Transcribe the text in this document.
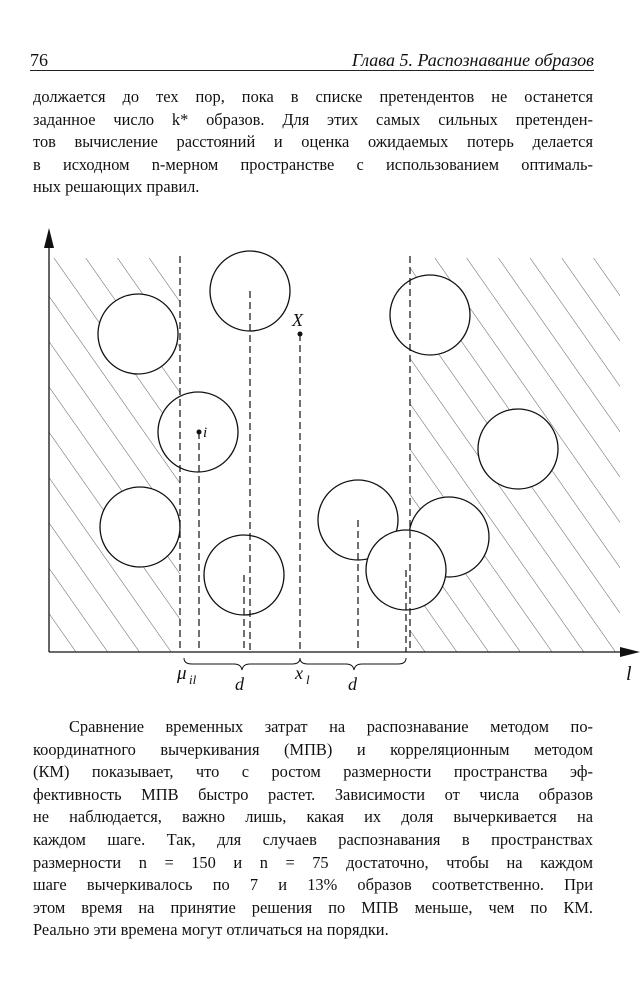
76	Глава 5. Распознавание образов
должается до тех пор, пока в списке претендентов не останется
заданное число k* образов. Для этих самых сильных претенден-
тов вычисление расстояний и оценка ожидаемых потерь делается
в исходном n-мерном пространстве с использованием оптималь-
ных решающих правил.
X
i
μ il d
x l d	l
Сравнение временных затрат на распознавание методом по-
координатного вычеркивания (МПВ) и корреляционным методом
(КМ) показывает, что с ростом размерности пространства эф-
фективность МПВ быстро растет. Зависимости от числа образов
не наблюдается, важно лишь, какая их доля вычеркивается на
каждом шаге. Так, для случаев распознавания в пространствах
размерности n = 150 и n = 75 достаточно, чтобы на каждом
шаге вычеркивалось по 7 и 13% образов соответственно. При
этом время на принятие решения по МПВ меньше, чем по КМ.
Реально эти времена могут отличаться на порядки.
